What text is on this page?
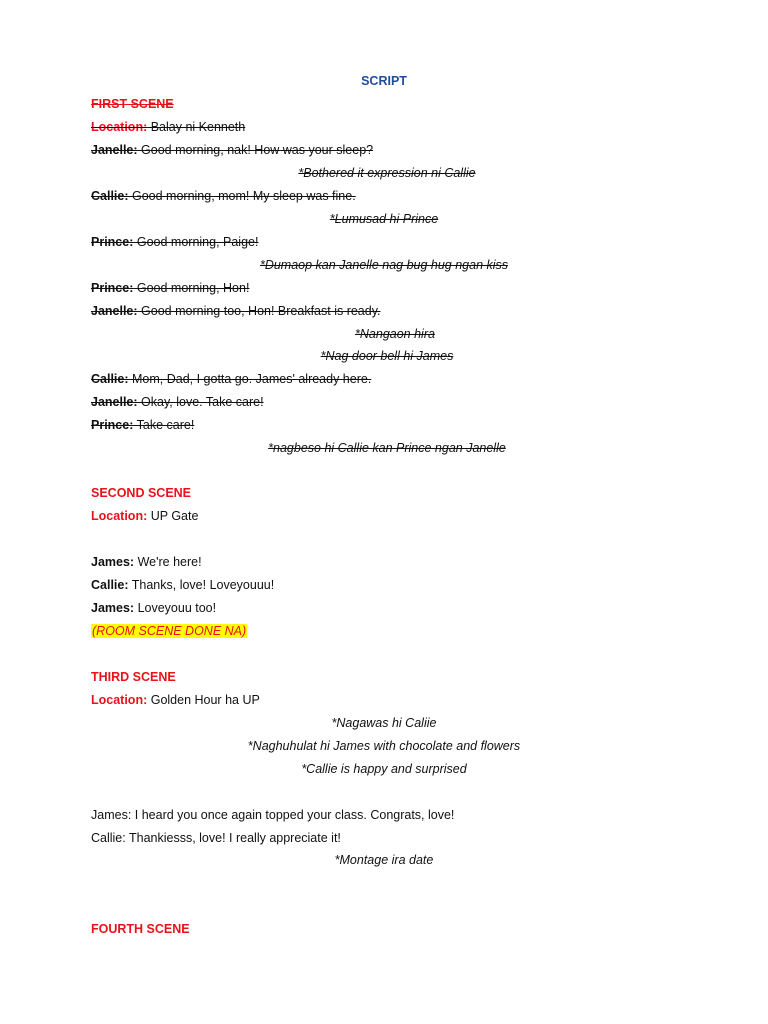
SCRIPT
FIRST SCENE
Location: Balay ni Kenneth
Janelle: Good morning, nak! How was your sleep?
*Bothered it expression ni Callie
Callie: Good morning, mom! My sleep was fine.
*Lumusad hi Prince
Prince: Good morning, Paige!
*Dumaop kan Janelle nag bug hug ngan kiss
Prince: Good morning, Hon!
Janelle: Good morning too, Hon! Breakfast is ready.
*Nangaon hira
*Nag door bell hi James
Callie: Mom, Dad, I gotta go. James' already here.
Janelle: Okay, love. Take care!
Prince: Take care!
*nagbeso hi Callie kan Prince ngan Janelle
SECOND SCENE
Location: UP Gate
James: We're here!
Callie: Thanks, love! Loveyouuu!
James: Loveyouu too!
(ROOM SCENE DONE NA)
THIRD SCENE
Location: Golden Hour ha UP
*Nagawas hi Caliie
*Naghuhulat hi James with chocolate and flowers
*Callie is happy and surprised
James: I heard you once again topped your class. Congrats, love!
Callie: Thankiesss, love! I really appreciate it!
*Montage ira date
FOURTH SCENE
